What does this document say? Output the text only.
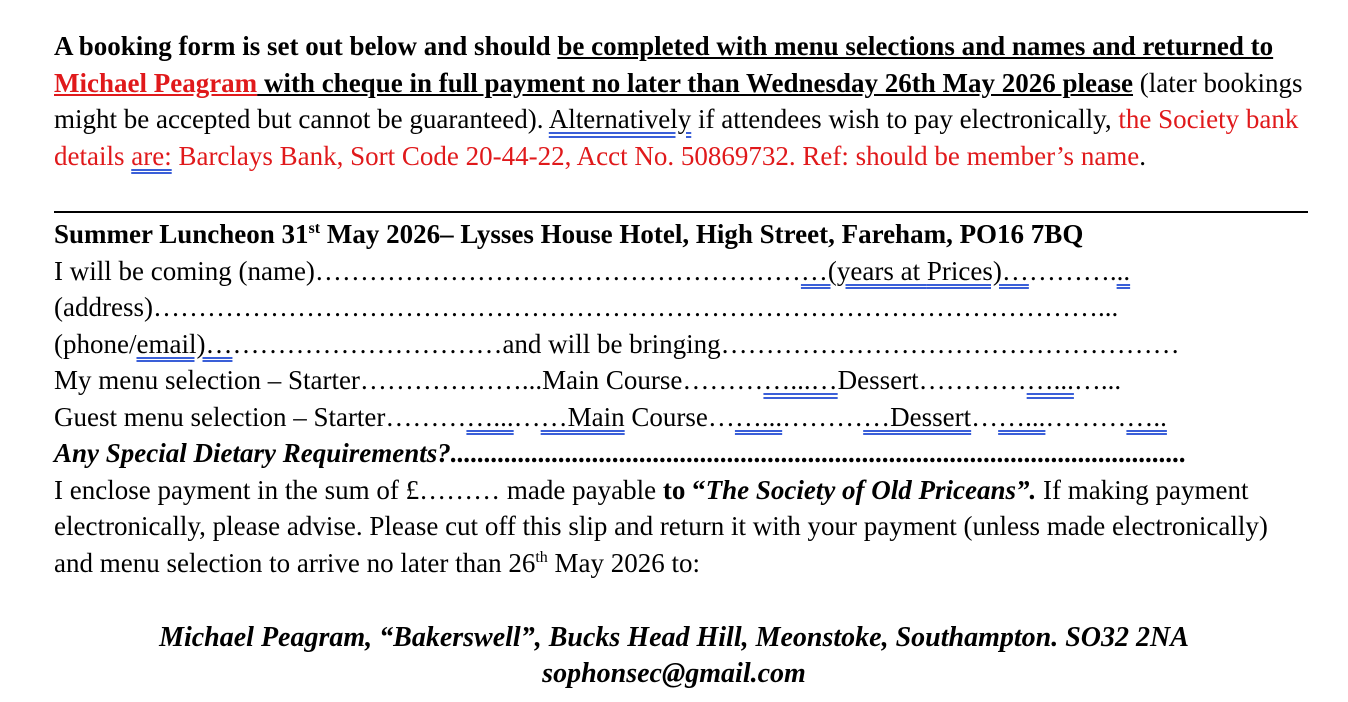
A booking form is set out below and should be completed with menu selections and names and returned to Michael Peagram with cheque in full payment no later than Wednesday 26th May 2026 please (later bookings might be accepted but cannot be guaranteed). Alternatively if attendees wish to pay electronically, the Society bank details are: Barclays Bank, Sort Code 20-44-22, Acct No. 50869732. Ref: should be member’s name.
Summer Luncheon 31st May 2026– Lysses House Hotel, High Street, Fareham, PO16 7BQ
I will be coming (name)…………………………………………………(years at Prices)…………...
(address)……………………………………………………………………………………………...
(phone/email)……………………………and will be bringing……………………………………………
My menu selection – Starter………………...Main Course…………...…Dessert……………...…...
Guest menu selection – Starter…………...……Main Course……...…………Dessert……...…………..
Any Special Dietary Requirements?.............................................................................................................
I enclose payment in the sum of £……… made payable to “The Society of Old Priceans”. If making payment electronically, please advise. Please cut off this slip and return it with your payment (unless made electronically) and menu selection to arrive no later than 26th May 2026 to:
Michael Peagram, “Bakerswell”, Bucks Head Hill, Meonstoke, Southampton. SO32 2NA
sophonsec@gmail.com
